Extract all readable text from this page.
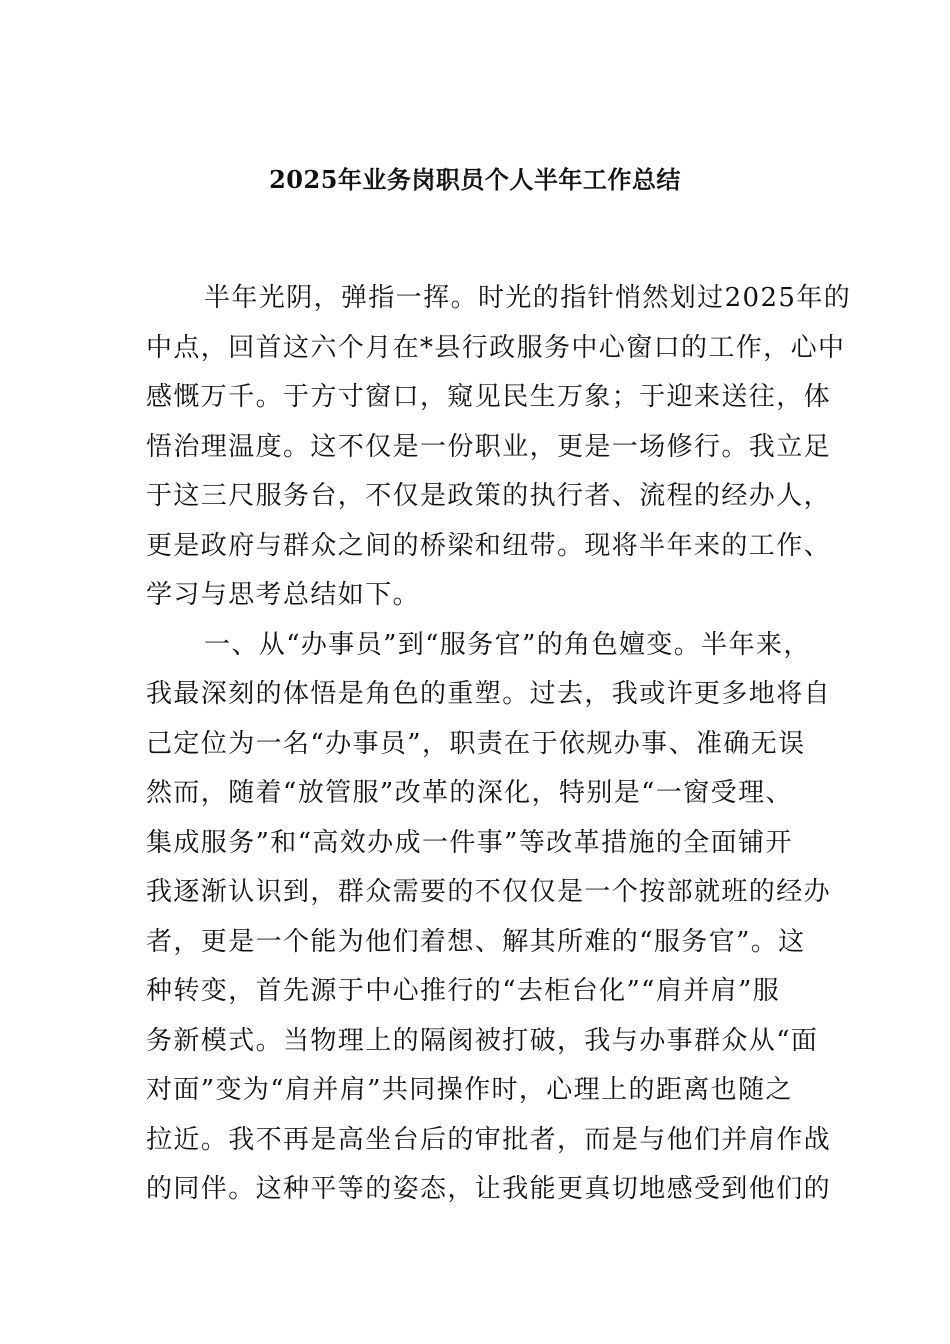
2025年业务岗职员个人半年工作总结
半年光阴，弹指一挥。时光的指针悄然划过2025年的
中点，回首这六个月在*县行政服务中心窗口的工作，心中
感慨万千。于方寸窗口，窥见民生万象；于迎来送往，体
悟治理温度。这不仅是一份职业，更是一场修行。我立足
于这三尺服务台，不仅是政策的执行者、流程的经办人，
更是政府与群众之间的桥梁和纽带。现将半年来的工作、
学习与思考总结如下。
一、从“办事员”到“服务官”的角色嬗变。半年来，
我最深刻的体悟是角色的重塑。过去，我或许更多地将自
己定位为一名“办事员”，职责在于依规办事、准确无误
然而，随着“放管服”改革的深化，特别是“一窗受理、
集成服务”和“高效办成一件事”等改革措施的全面铺开
我逐渐认识到，群众需要的不仅仅是一个按部就班的经办
者，更是一个能为他们着想、解其所难的“服务官”。这
种转变，首先源于中心推行的“去柜台化”“肩并肩”服
务新模式。当物理上的隔阂被打破，我与办事群众从“面
对面”变为“肩并肩”共同操作时，心理上的距离也随之
拉近。我不再是高坐台后的审批者，而是与他们并肩作战
的同伴。这种平等的姿态，让我能更真切地感受到他们的
